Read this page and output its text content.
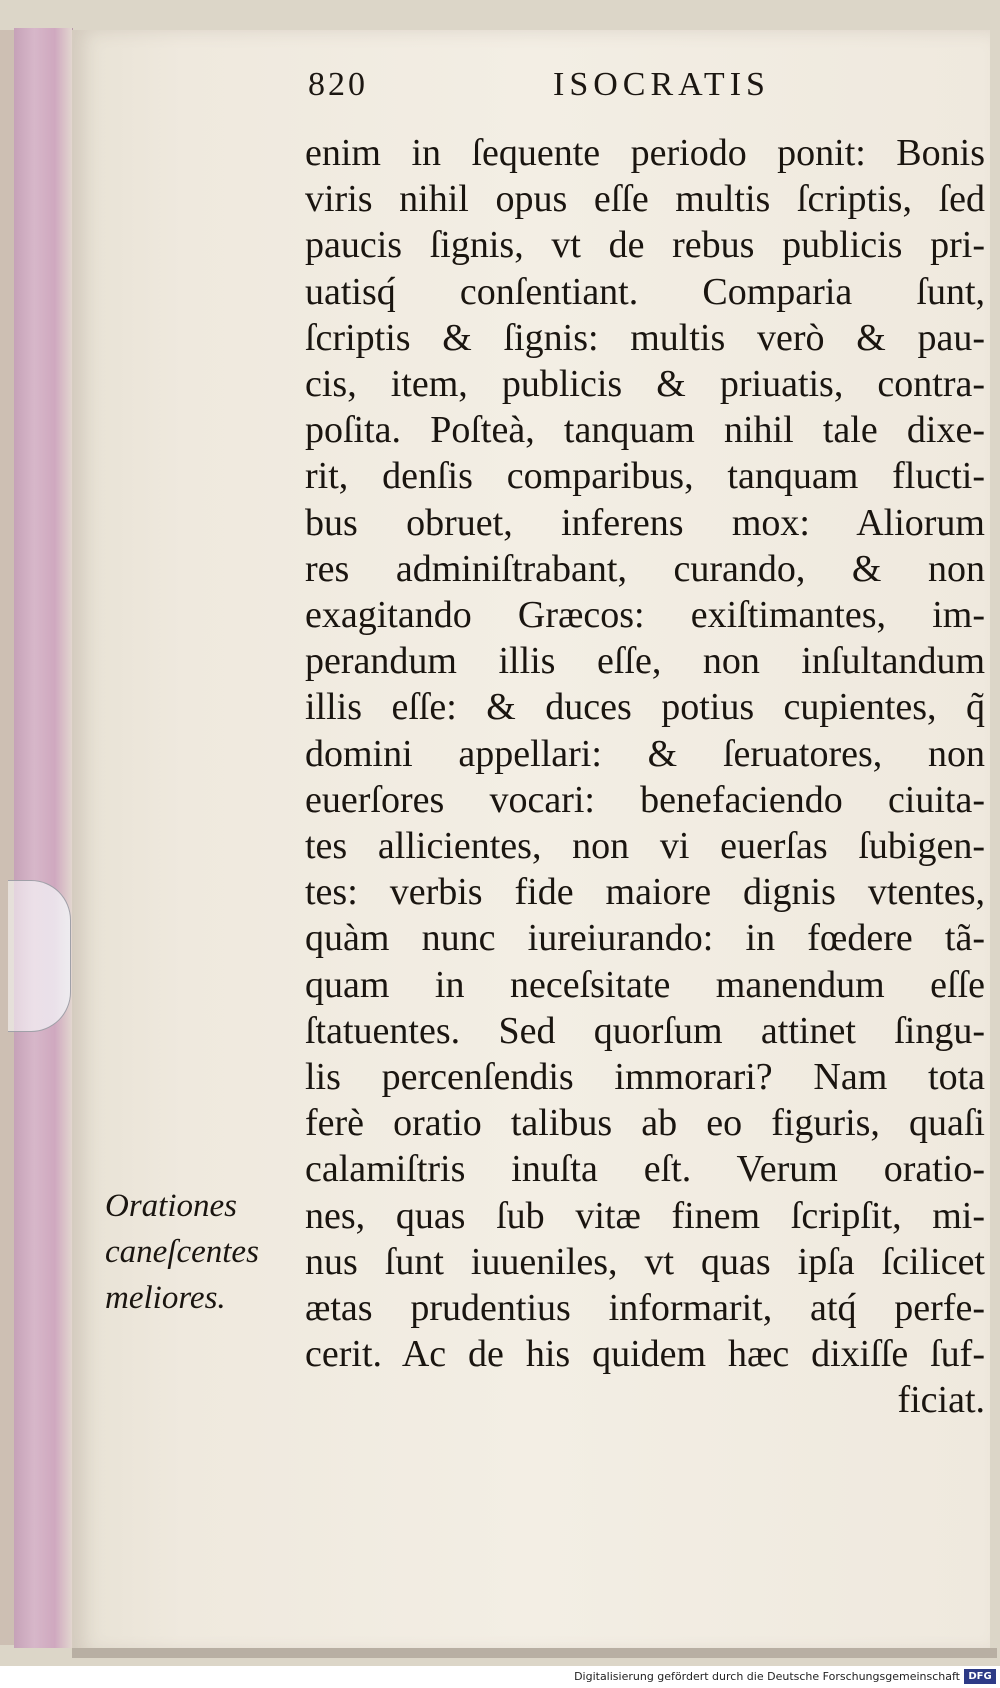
820	ISOCRATIS
enim in ſequente periodo ponit: Bonis
viris nihil opus eſſe multis ſcriptis, ſed
paucis ſignis, vt de rebus publicis pri-
uatisq́ conſentiant. Comparia ſunt,
ſcriptis & ſignis: multis verò & pau-
cis, item, publicis & priuatis, contra-
poſita. Poſteà, tanquam nihil tale dixe-
rit, denſis comparibus, tanquam flucti-
bus obruet, inferens mox: Aliorum
res adminiſtrabant, curando, & non
exagitando Græcos: exiſtimantes, im-
perandum illis eſſe, non inſultandum
illis eſſe: & duces potius cupientes, q̃
domini appellari: & ſeruatores, non
euerſores vocari: benefaciendo ciuita-
tes allicientes, non vi euerſas ſubigen-
tes: verbis fide maiore dignis vtentes,
quàm nunc iureiurando: in fœdere tã-
quam in neceſsitate manendum eſſe
ſtatuentes. Sed quorſum attinet ſingu-
lis percenſendis immorari? Nam tota
ferè oratio talibus ab eo figuris, quaſi
calamiſtris inuſta eſt. Verum oratio-
nes, quas ſub vitæ finem ſcripſit, mi-
nus ſunt iuueniles, vt quas ipſa ſcilicet
ætas prudentius informarit, atq́ perfe-
cerit. Ac de his quidem hæc dixiſſe ſuf-
ficiat.
Orationes
caneſcentes
meliores.
Digitalisierung gefördert durch die Deutsche Forschungsgemeinschaft DFG
